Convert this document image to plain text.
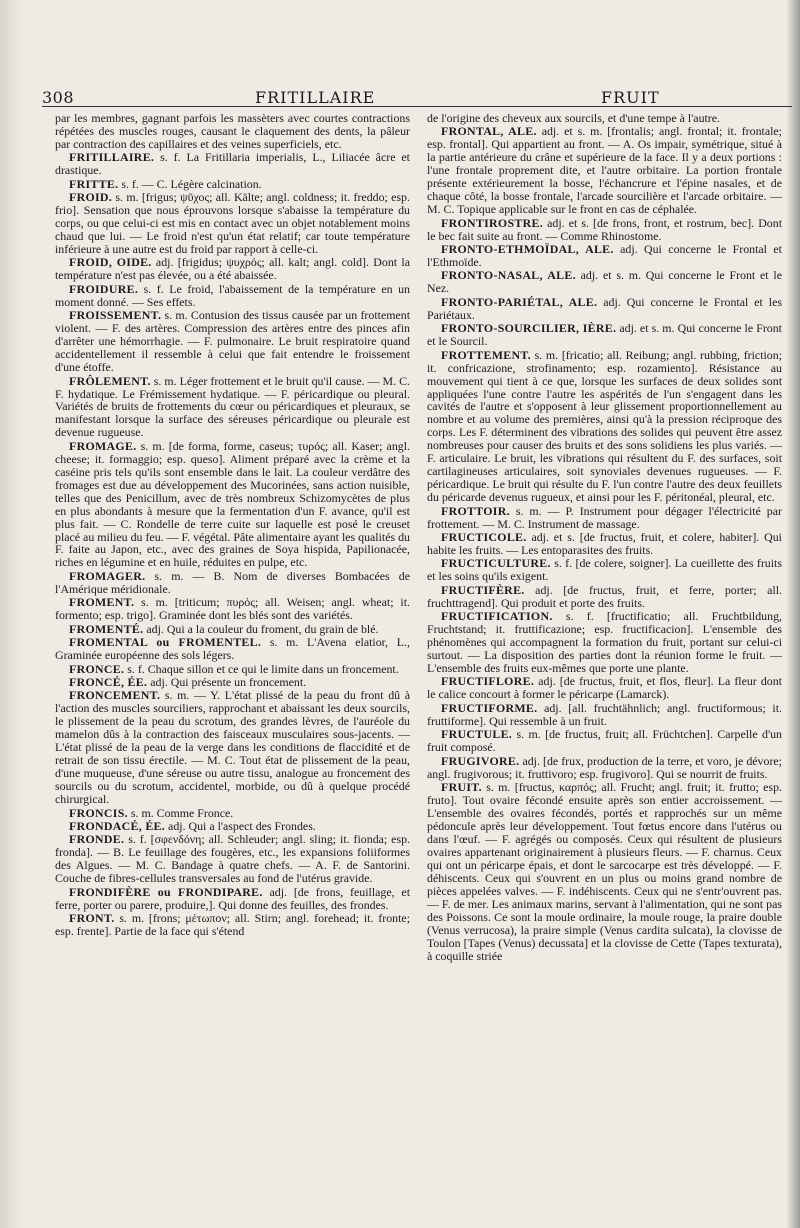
308	FRITILLAIRE	FRUIT

par les membres, gagnant parfois les massèters avec courtes contractions répétées des muscles rouges, causant le claquement des dents, la pâleur par contraction des capillaires et des veines superficiels, etc.

FRITILLAIRE. s. f. La Fritillaria imperialis, L., Liliacée âcre et drastique.

FRITTE. s. f. — C. Légère calcination.

FROID. s. m. [frigus; ψῦχος; all. Kälte; angl. coldness; it. freddo; esp. frio]. Sensation que nous éprouvons lorsque s'abaisse la température du corps, ou que celui-ci est mis en contact avec un objet notablement moins chaud que lui. — Le froid n'est qu'un état relatif; car toute température inférieure à une autre est du froid par rapport à celle-ci.

FROID, OIDE. adj. [frigidus; ψυχρός; all. kalt; angl. cold]. Dont la température n'est pas élevée, ou a été abaissée.

FROIDURE. s. f. Le froid, l'abaissement de la température en un moment donné. — Ses effets.

FROISSEMENT. s. m. Contusion des tissus causée par un frottement violent. — F. des artères. Compression des artères entre des pinces afin d'arrêter une hémorrhagie. — F. pulmonaire. Le bruit respiratoire quand accidentellement il ressemble à celui que fait entendre le froissement d'une étoffe.

FRÔLEMENT. s. m. Léger frottement et le bruit qu'il cause. — M. C. F. hydatique. Le Frémissement hydatique. — F. péricardique ou pleural. Variétés de bruits de frottements du cœur ou péricardiques et pleuraux, se manifestant lorsque la surface des séreuses péricardique ou pleurale est devenue rugueuse.

FROMAGE. s. m. [de forma, forme, caseus; τυρός; all. Kaser; angl. cheese; it. formaggio; esp. queso]. Aliment préparé avec la crème et la caséine pris tels qu'ils sont ensemble dans le lait. La couleur verdâtre des fromages est due au développement des Mucorinées, sans action nuisible, telles que des Penicillum, avec de très nombreux Schizomycètes de plus en plus abondants à mesure que la fermentation d'un F. avance, qu'il est plus fait. — C. Rondelle de terre cuite sur laquelle est posé le creuset placé au milieu du feu. — F. végétal. Pâte alimentaire ayant les qualités du F. faite au Japon, etc., avec des graines de Soya hispida, Papilionacée, riches en légumine et en huile, réduites en pulpe, etc.

FROMAGER. s. m. — B. Nom de diverses Bombacées de l'Amérique méridionale.

FROMENT. s. m. [triticum; πυρός; all. Weisen; angl. wheat; it. formento; esp. trigo]. Graminée dont les blés sont des variétés.

FROMENTÉ. adj. Qui a la couleur du froment, du grain de blé.

FROMENTAL ou FROMENTEL. s. m. L'Avena elatior, L., Graminée européenne des sols légers.

FRONCE. s. f. Chaque sillon et ce qui le limite dans un froncement.

FRONCÉ, ÉE. adj. Qui présente un froncement.

FRONCEMENT. s. m. — Y. L'état plissé de la peau du front dû à l'action des muscles sourciliers, rapprochant et abaissant les deux sourcils, le plissement de la peau du scrotum, des grandes lèvres, de l'auréole du mamelon dûs à la contraction des faisceaux musculaires sous-jacents. — L'état plissé de la peau de la verge dans les conditions de flaccidité et de retrait de son tissu érectile. — M. C. Tout état de plissement de la peau, d'une muqueuse, d'une séreuse ou autre tissu, analogue au froncement des sourcils ou du scrotum, accidentel, morbide, ou dû à quelque procédé chirurgical.

FRONCIS. s. m. Comme Fronce.

FRONDACÉ, ÉE. adj. Qui a l'aspect des Frondes.

FRONDE. s. f. [σφενδόνη; all. Schleuder; angl. sling; it. fionda; esp. fronda]. — B. Le feuillage des fougères, etc., les expansions foliiformes des Algues. — M. C. Bandage à quatre chefs. — A. F. de Santorini. Couche de fibres-cellules transversales au fond de l'utérus gravide.

FRONDIFÈRE ou FRONDIPARE. adj. [de frons, feuillage, et ferre, porter ou parere, produire,]. Qui donne des feuilles, des frondes.

FRONT. s. m. [frons; μέτωπον; all. Stirn; angl. forehead; it. fronte; esp. frente]. Partie de la face qui s'étend

de l'origine des cheveux aux sourcils, et d'une tempe à l'autre.

FRONTAL, ALE. adj. et s. m. [frontalis; angl. frontal; it. frontale; esp. frontal]. Qui appartient au front. — A. Os impair, symétrique, situé à la partie antérieure du crâne et supérieure de la face. Il y a deux portions : l'une frontale proprement dite, et l'autre orbitaire. La portion frontale présente extérieurement la bosse, l'échancrure et l'épine nasales, et de chaque côté, la bosse frontale, l'arcade sourcilière et l'arcade orbitaire. — M. C. Topique applicable sur le front en cas de céphalée.

FRONTIROSTRE. adj. et s. [de frons, front, et rostrum, bec]. Dont le bec fait suite au front. — Comme Rhinostome.

FRONTO-ETHMOÏDAL, ALE. adj. Qui concerne le Frontal et l'Ethmoïde.

FRONTO-NASAL, ALE. adj. et s. m. Qui concerne le Front et le Nez.

FRONTO-PARIÉTAL, ALE. adj. Qui concerne le Frontal et les Pariétaux.

FRONTO-SOURCILIER, IÈRE. adj. et s. m. Qui concerne le Front et le Sourcil.

FROTTEMENT. s. m. [fricatio; all. Reibung; angl. rubbing, friction; it. confricazione, strofinamento; esp. rozamiento]. Résistance au mouvement qui tient à ce que, lorsque les surfaces de deux solides sont appliquées l'une contre l'autre les aspérités de l'un s'engagent dans les cavités de l'autre et s'opposent à leur glissement proportionnellement au nombre et au volume des premières, ainsi qu'à la pression réciproque des corps. Les F. déterminent des vibrations des solides qui peuvent être assez nombreuses pour causer des bruits et des sons solidiens les plus variés. — F. articulaire. Le bruit, les vibrations qui résultent du F. des surfaces, soit cartilagineuses articulaires, soit synoviales devenues rugueuses. — F. péricardique. Le bruit qui résulte du F. l'un contre l'autre des deux feuillets du péricarde devenus rugueux, et ainsi pour les F. péritonéal, pleural, etc.

FROTTOIR. s. m. — P. Instrument pour dégager l'électricité par frottement. — M. C. Instrument de massage.

FRUCTICOLE. adj. et s. [de fructus, fruit, et colere, habiter]. Qui habite les fruits. — Les entoparasites des fruits.

FRUCTICULTURE. s. f. [de colere, soigner]. La cueillette des fruits et les soins qu'ils exigent.

FRUCTIFÈRE. adj. [de fructus, fruit, et ferre, porter; all. fruchttragend]. Qui produit et porte des fruits.

FRUCTIFICATION. s. f. [fructificatio; all. Fruchtbildung, Fruchtstand; it. fruttificazione; esp. fructificacion]. L'ensemble des phénomènes qui accompagnent la formation du fruit, portant sur celui-ci surtout. — La disposition des parties dont la réunion forme le fruit. — L'ensemble des fruits eux-mêmes que porte une plante.

FRUCTIFLORE. adj. [de fructus, fruit, et flos, fleur]. La fleur dont le calice concourt à former le péricarpe (Lamarck).

FRUCTIFORME. adj. [all. fruchtähnlich; angl. fructiformous; it. fruttiforme]. Qui ressemble à un fruit.

FRUCTULE. s. m. [de fructus, fruit; all. Früchtchen]. Carpelle d'un fruit composé.

FRUGIVORE. adj. [de frux, production de la terre, et voro, je dévore; angl. frugivorous; it. fruttivoro; esp. frugivoro]. Qui se nourrit de fruits.

FRUIT. s. m. [fructus, καρπός; all. Frucht; angl. fruit; it. frutto; esp. fruto]. Tout ovaire fécondé ensuite après son entier accroissement. — L'ensemble des ovaires fécondés, portés et rapprochés sur un même pédoncule après leur développement. Tout fœtus encore dans l'utérus ou dans l'œuf. — F. agrégés ou composés. Ceux qui résultent de plusieurs ovaires appartenant originairement à plusieurs fleurs. — F. charnus. Ceux qui ont un péricarpe épais, et dont le sarcocarpe est très développé. — F. déhiscents. Ceux qui s'ouvrent en un plus ou moins grand nombre de pièces appelées valves. — F. indéhiscents. Ceux qui ne s'entr'ouvrent pas. — F. de mer. Les animaux marins, servant à l'alimentation, qui ne sont pas des Poissons. Ce sont la moule ordinaire, la moule rouge, la praire double (Venus verrucosa), la praire simple (Venus cardita sulcata), la clovisse de Toulon [Tapes (Venus) decussata] et la clovisse de Cette (Tapes texturata), à coquille striée
